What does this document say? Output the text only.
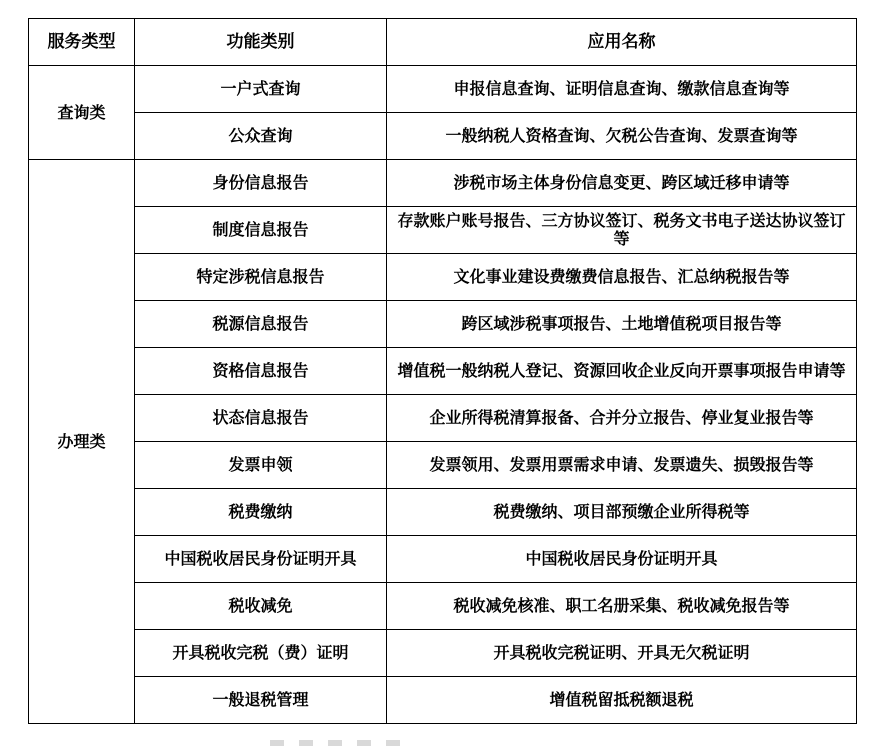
服务类型	功能类别	应用名称
查询类	一户式查询	申报信息查询、证明信息查询、缴款信息查询等
	公众查询	一般纳税人资格查询、欠税公告查询、发票查询等
办理类	身份信息报告	涉税市场主体身份信息变更、跨区域迁移申请等
	制度信息报告	存款账户账号报告、三方协议签订、税务文书电子送达协议签订等
	特定涉税信息报告	文化事业建设费缴费信息报告、汇总纳税报告等
	税源信息报告	跨区域涉税事项报告、土地增值税项目报告等
	资格信息报告	增值税一般纳税人登记、资源回收企业反向开票事项报告申请等
	状态信息报告	企业所得税清算报备、合并分立报告、停业复业报告等
	发票申领	发票领用、发票用票需求申请、发票遗失、损毁报告等
	税费缴纳	税费缴纳、项目部预缴企业所得税等
	中国税收居民身份证明开具	中国税收居民身份证明开具
	税收减免	税收减免核准、职工名册采集、税收减免报告等
	开具税收完税（费）证明	开具税收完税证明、开具无欠税证明
	一般退税管理	增值税留抵税额退税
